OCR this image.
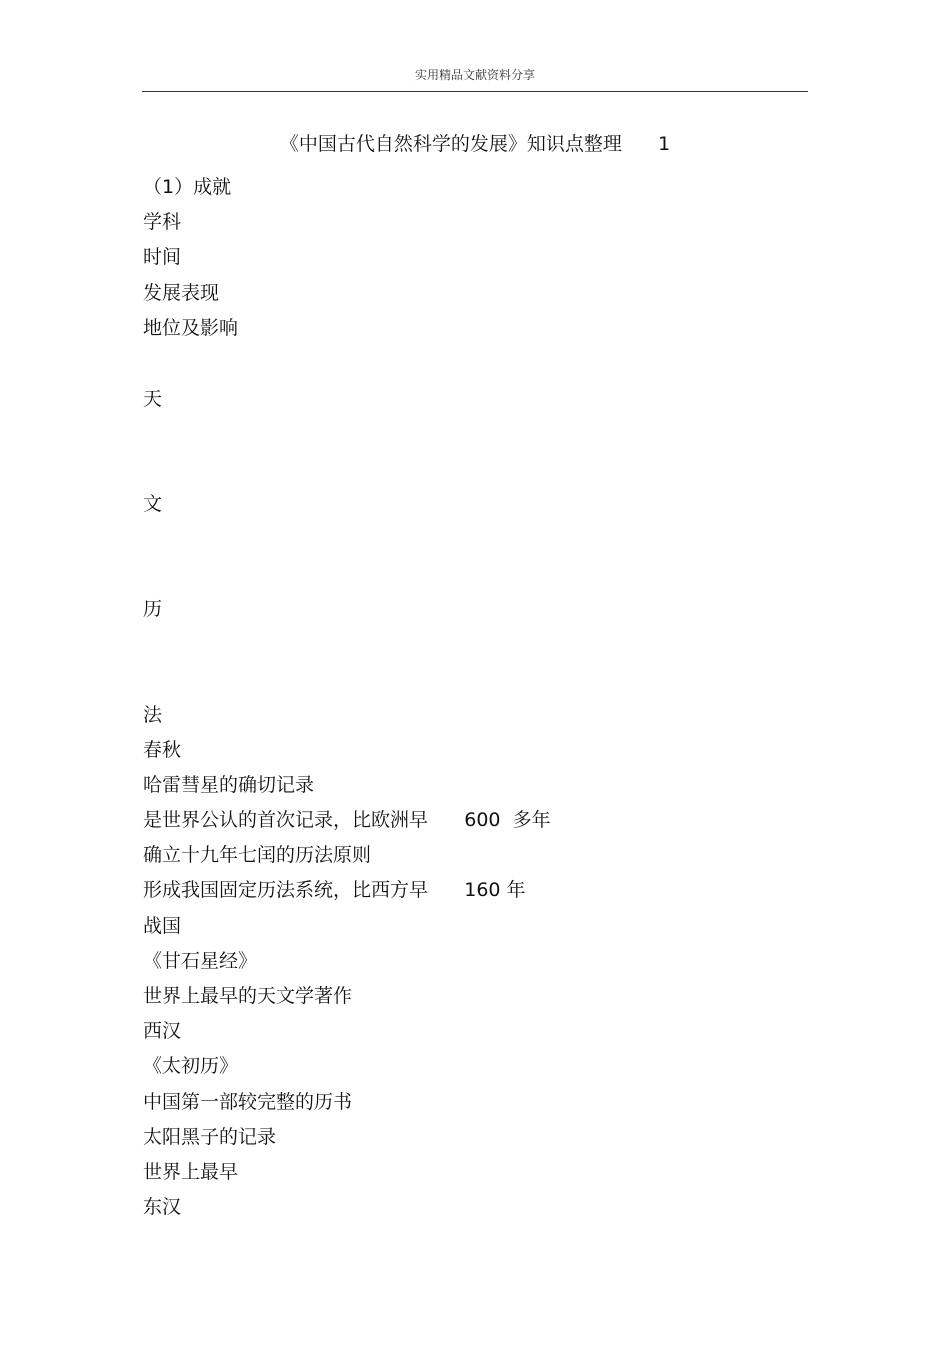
实用精品文献资料分享
《中国古代自然科学的发展》知识点整理      1
（1）成就
学科
时间
发展表现
地位及影响
天
文
历
法
春秋
哈雷彗星的确切记录
是世界公认的首次记录，比欧洲早      600  多年
确立十九年七闰的历法原则
形成我国固定历法系统，比西方早      160 年
战国
《甘石星经》
世界上最早的天文学著作
西汉
《太初历》
中国第一部较完整的历书
太阳黑子的记录
世界上最早
东汉
